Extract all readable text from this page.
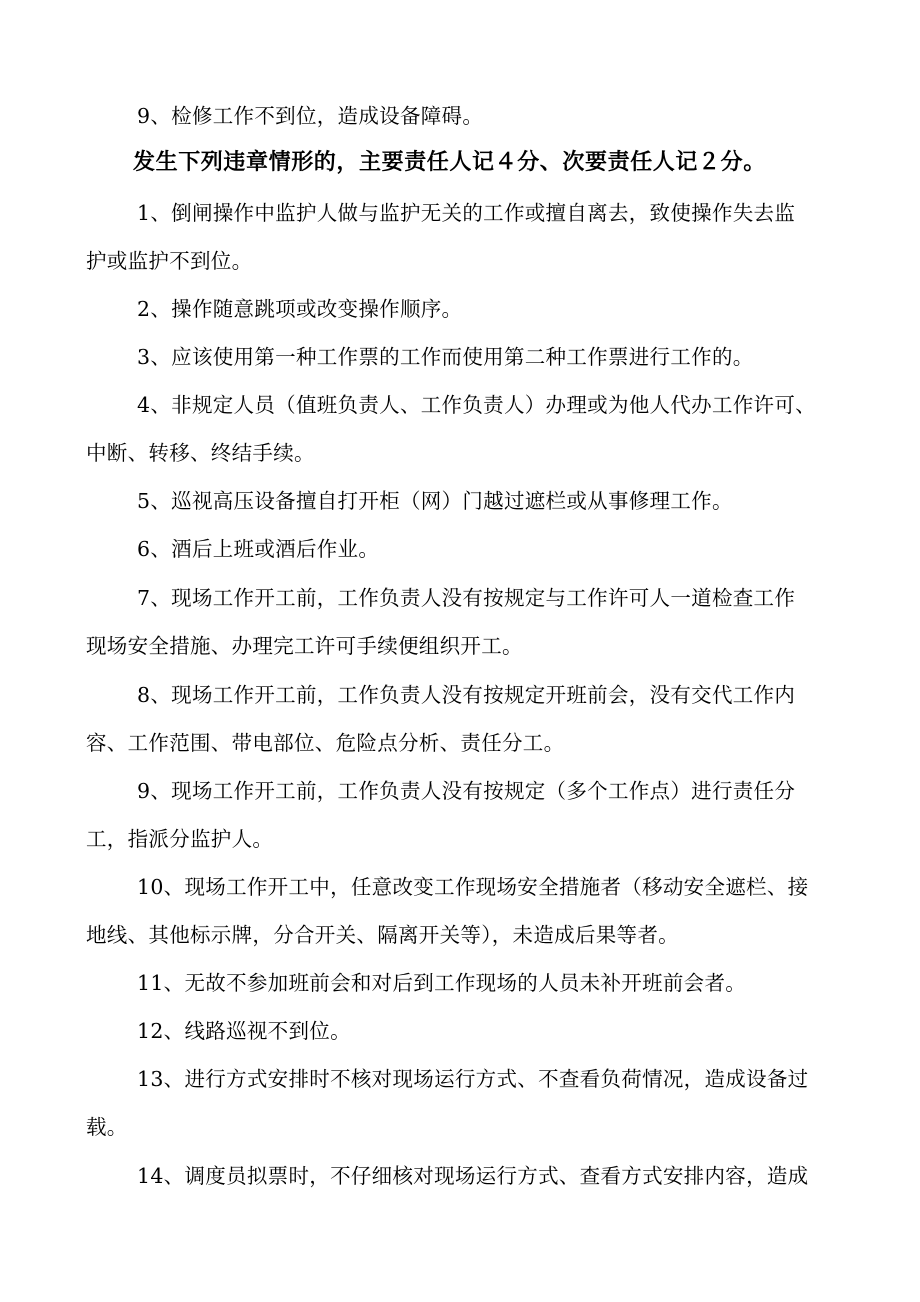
9、检修工作不到位，造成设备障碍。
发生下列违章情形的，主要责任人记４分、次要责任人记２分。
1、倒闸操作中监护人做与监护无关的工作或擅自离去，致使操作失去监
护或监护不到位。
2、操作随意跳项或改变操作顺序。
3、应该使用第一种工作票的工作而使用第二种工作票进行工作的。
4、非规定人员（值班负责人、工作负责人）办理或为他人代办工作许可、
中断、转移、终结手续。
5、巡视高压设备擅自打开柜（网）门越过遮栏或从事修理工作。
6、酒后上班或酒后作业。
7、现场工作开工前，工作负责人没有按规定与工作许可人一道检查工作
现场安全措施、办理完工许可手续便组织开工。
8、现场工作开工前，工作负责人没有按规定开班前会，没有交代工作内
容、工作范围、带电部位、危险点分析、责任分工。
9、现场工作开工前，工作负责人没有按规定（多个工作点）进行责任分
工，指派分监护人。
10、现场工作开工中，任意改变工作现场安全措施者（移动安全遮栏、接
地线、其他标示牌，分合开关、隔离开关等），未造成后果等者。
11、无故不参加班前会和对后到工作现场的人员未补开班前会者。
12、线路巡视不到位。
13、进行方式安排时不核对现场运行方式、不查看负荷情况，造成设备过
载。
14、调度员拟票时，不仔细核对现场运行方式、查看方式安排内容，造成
